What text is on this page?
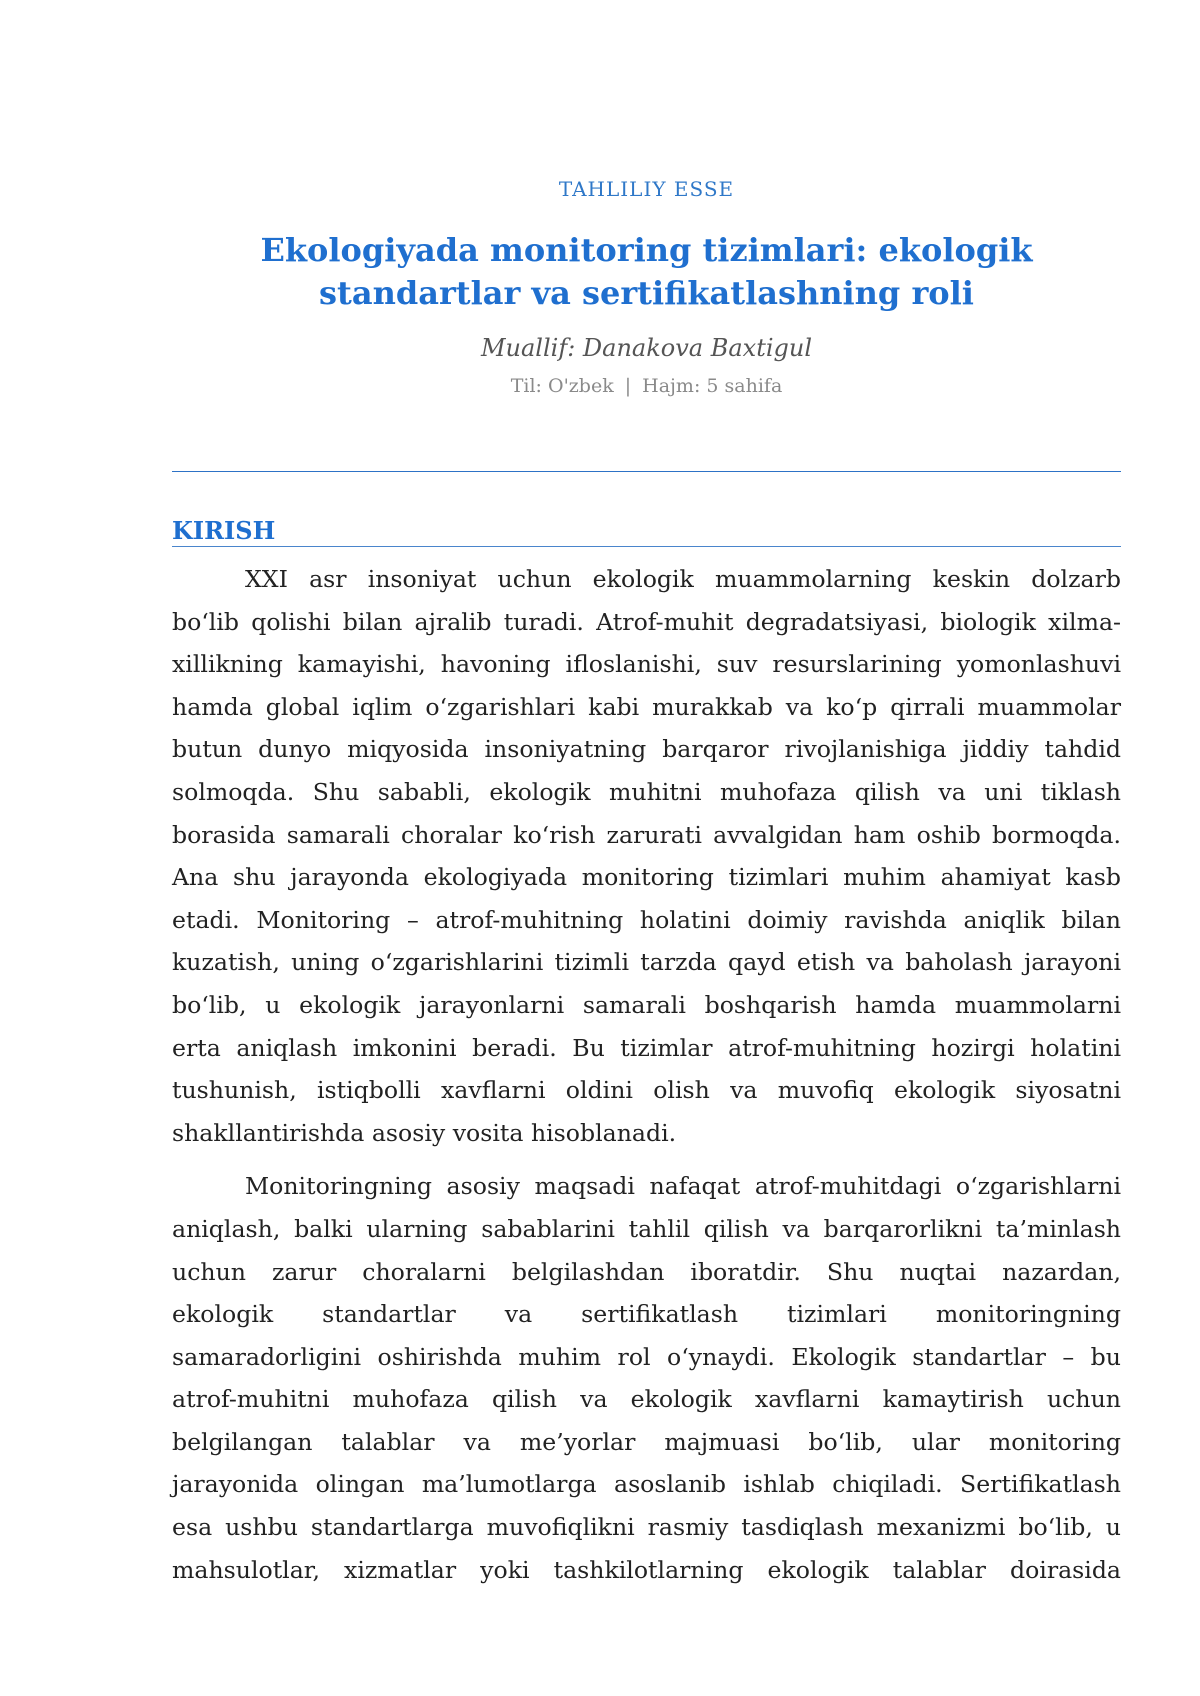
TAHLILIY ESSE
Ekologiyada monitoring tizimlari: ekologik standartlar va sertifikatlashning roli
Muallif: Danakova Baxtigul
Til: O'zbek | Hajm: 5 sahifa
KIRISH

XXI asr insoniyat uchun ekologik muammolarning keskin dolzarb
boʻlib qolishi bilan ajralib turadi. Atrof-muhit degradatsiyasi, biologik xilma-
xillikning kamayishi, havoning ifloslanishi, suv resurslarining yomonlashuvi
hamda global iqlim oʻzgarishlari kabi murakkab va koʻp qirrali muammolar
butun dunyo miqyosida insoniyatning barqaror rivojlanishiga jiddiy tahdid
solmoqda. Shu sababli, ekologik muhitni muhofaza qilish va uni tiklash
borasida samarali choralar koʻrish zarurati avvalgidan ham oshib bormoqda.
Ana shu jarayonda ekologiyada monitoring tizimlari muhim ahamiyat kasb
etadi. Monitoring – atrof-muhitning holatini doimiy ravishda aniqlik bilan
kuzatish, uning oʻzgarishlarini tizimli tarzda qayd etish va baholash jarayoni
boʻlib, u ekologik jarayonlarni samarali boshqarish hamda muammolarni
erta aniqlash imkonini beradi. Bu tizimlar atrof-muhitning hozirgi holatini
tushunish, istiqbolli xavflarni oldini olish va muvofiq ekologik siyosatni
shakllantirishda asosiy vosita hisoblanadi.

Monitoringning asosiy maqsadi nafaqat atrof-muhitdagi oʻzgarishlarni
aniqlash, balki ularning sabablarini tahlil qilish va barqarorlikni ta’minlash
uchun zarur choralarni belgilashdan iboratdir. Shu nuqtai nazardan,
ekologik standartlar va sertifikatlash tizimlari monitoringning
samaradorligini oshirishda muhim rol oʻynaydi. Ekologik standartlar – bu
atrof-muhitni muhofaza qilish va ekologik xavflarni kamaytirish uchun
belgilangan talablar va me’yorlar majmuasi boʻlib, ular monitoring
jarayonida olingan ma’lumotlarga asoslanib ishlab chiqiladi. Sertifikatlash
esa ushbu standartlarga muvofiqlikni rasmiy tasdiqlash mexanizmi boʻlib, u
mahsulotlar, xizmatlar yoki tashkilotlarning ekologik talablar doirasida
